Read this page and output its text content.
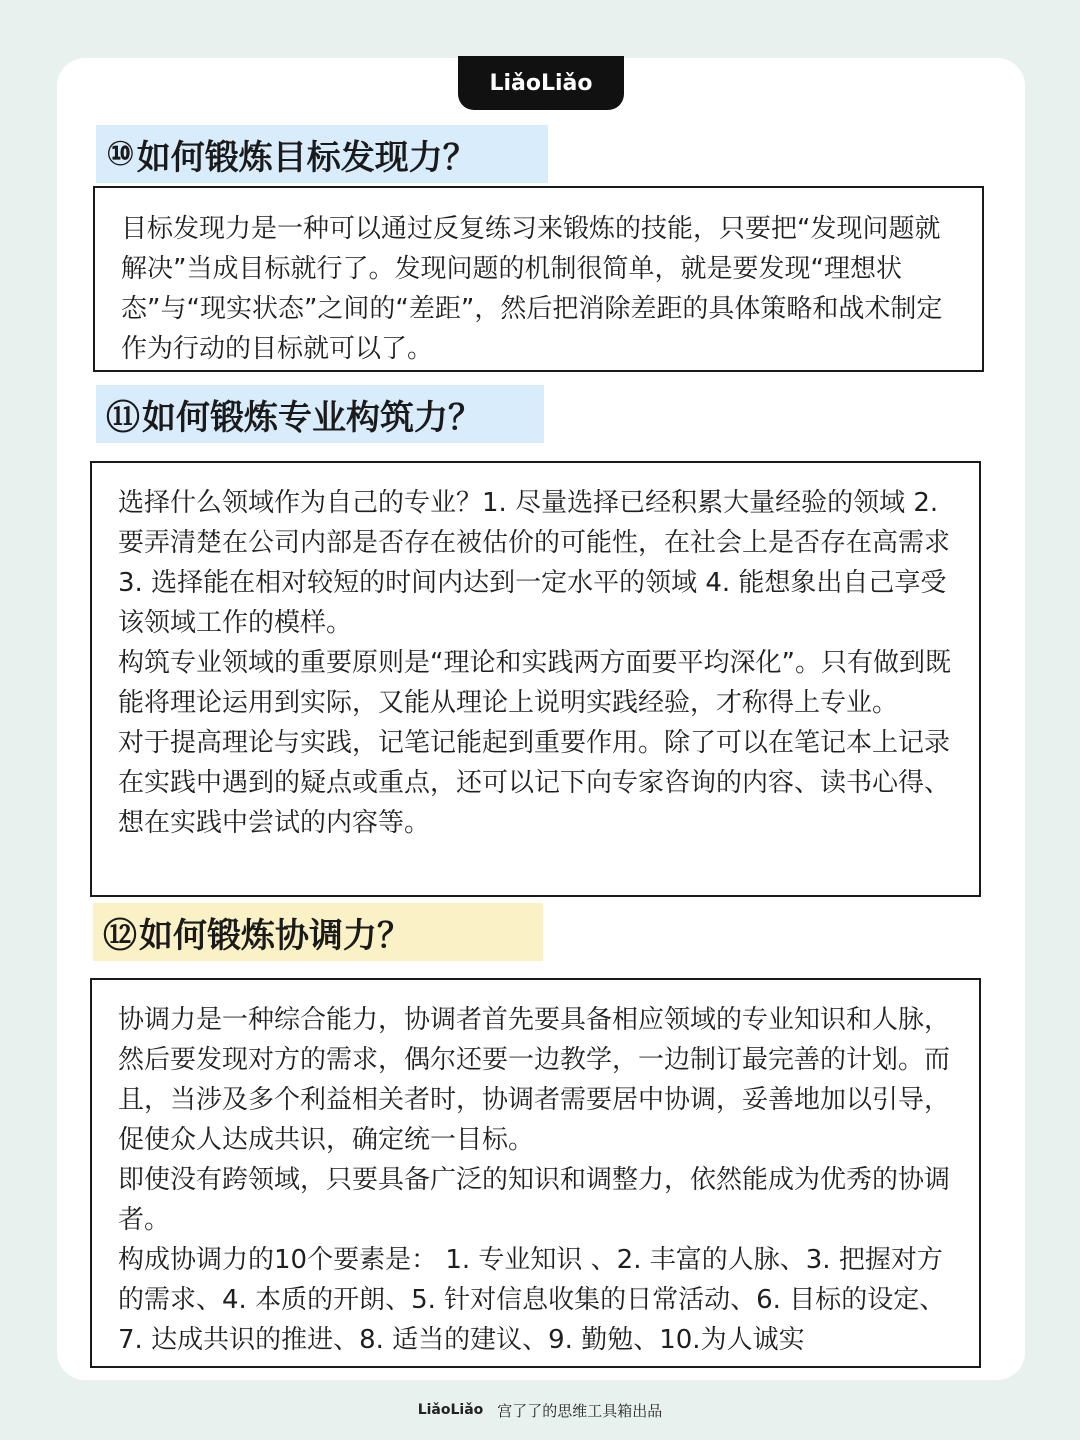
LiǎoLiǎo
⑩ 如何锻炼目标发现力？

目标发现力是一种可以通过反复练习来锻炼的技能，只要把“发现问题就解决”当成目标就行了。发现问题的机制很简单，就是要发现“理想状态”与“现实状态”之间的“差距”，然后把消除差距的具体策略和战术制定作为行动的目标就可以了。

⑪ 如何锻炼专业构筑力？

选择什么领域作为自己的专业？1. 尽量选择已经积累大量经验的领域 2. 要弄清楚在公司内部是否存在被估价的可能性，在社会上是否存在高需求 3. 选择能在相对较短的时间内达到一定水平的领域 4. 能想象出自己享受该领域工作的模样。

构筑专业领域的重要原则是“理论和实践两方面要平均深化”。只有做到既能将理论运用到实际，又能从理论上说明实践经验，才称得上专业。

对于提高理论与实践，记笔记能起到重要作用。除了可以在笔记本上记录在实践中遇到的疑点或重点，还可以记下向专家咨询的内容、读书心得、想在实践中尝试的内容等。

⑫ 如何锻炼协调力？

协调力是一种综合能力，协调者首先要具备相应领域的专业知识和人脉，然后要发现对方的需求，偶尔还要一边教学，一边制订最完善的计划。而且，当涉及多个利益相关者时，协调者需要居中协调，妥善地加以引导，促使众人达成共识，确定统一目标。

即使没有跨领域，只要具备广泛的知识和调整力，依然能成为优秀的协调者。

构成协调力的10个要素是： 1. 专业知识 、2. 丰富的人脉、3. 把握对方的需求、4. 本质的开朗、5. 针对信息收集的日常活动、6. 目标的设定、7. 达成共识的推进、8. 适当的建议、9. 勤勉、10.为人诚实

LiǎoLiǎo 宫了了的思维工具箱出品
